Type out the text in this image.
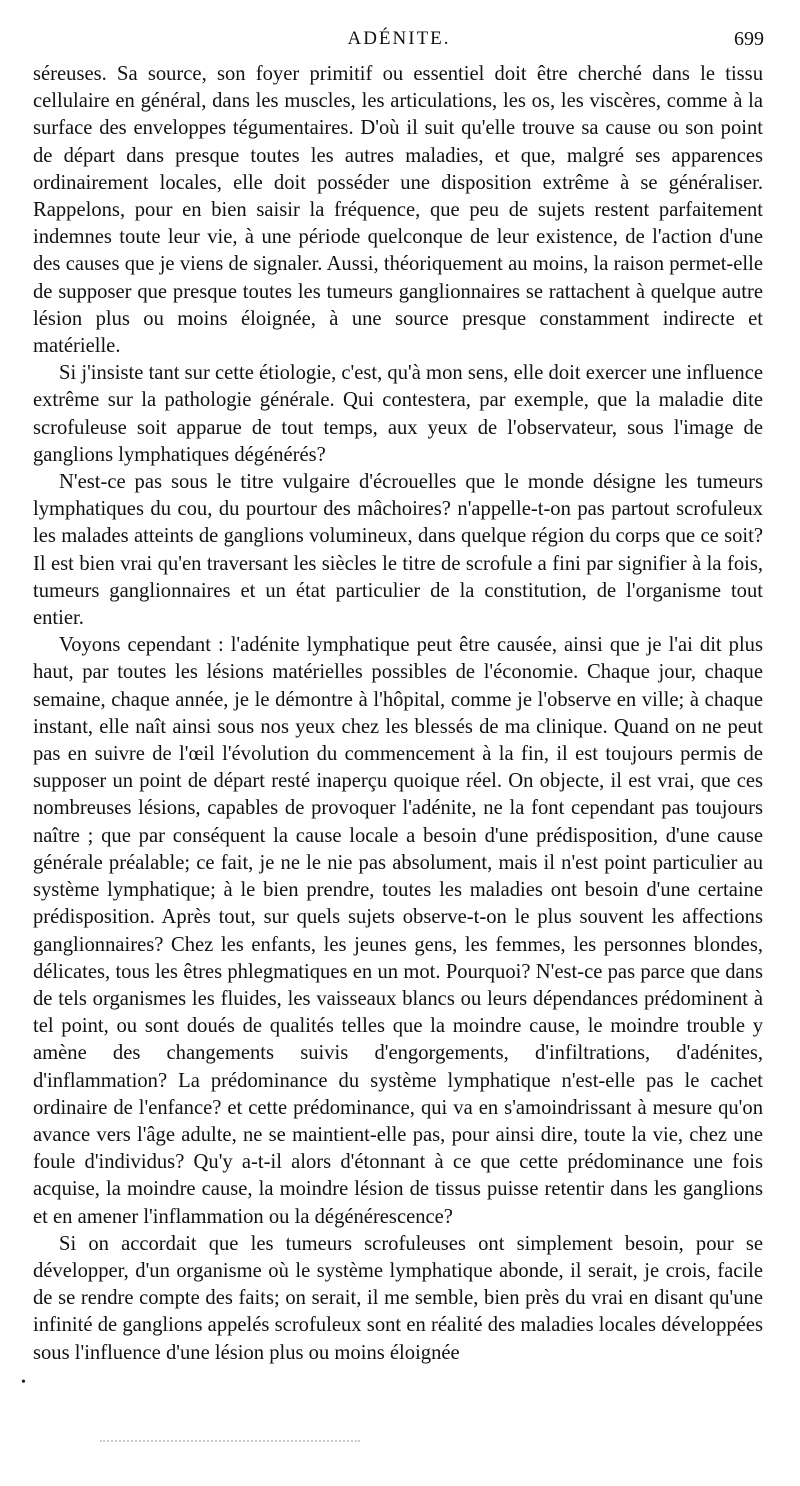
ADÉNITE.	699

séreuses. Sa source, son foyer primitif ou essentiel doit être cherché dans le tissu cellulaire en général, dans les muscles, les articulations, les os, les viscères, comme à la surface des enveloppes tégumentaires. D'où il suit qu'elle trouve sa cause ou son point de départ dans presque toutes les autres maladies, et que, malgré ses apparences ordinairement locales, elle doit posséder une disposition extrême à se généraliser. Rappelons, pour en bien saisir la fréquence, que peu de sujets restent parfaitement indemnes toute leur vie, à une période quelconque de leur existence, de l'action d'une des causes que je viens de signaler. Aussi, théoriquement au moins, la raison permet-elle de supposer que presque toutes les tumeurs ganglionnaires se rattachent à quelque autre lésion plus ou moins éloignée, à une source presque constamment indirecte et matérielle.

Si j'insiste tant sur cette étiologie, c'est, qu'à mon sens, elle doit exercer une influence extrême sur la pathologie générale. Qui contestera, par exemple, que la maladie dite scrofuleuse soit apparue de tout temps, aux yeux de l'observateur, sous l'image de ganglions lymphatiques dégénérés?

N'est-ce pas sous le titre vulgaire d'écrouelles que le monde désigne les tumeurs lymphatiques du cou, du pourtour des mâchoires? n'appelle-t-on pas partout scrofuleux les malades atteints de ganglions volumineux, dans quelque région du corps que ce soit? Il est bien vrai qu'en traversant les siècles le titre de scrofule a fini par signifier à la fois, tumeurs ganglionnaires et un état particulier de la constitution, de l'organisme tout entier.

Voyons cependant : l'adénite lymphatique peut être causée, ainsi que je l'ai dit plus haut, par toutes les lésions matérielles possibles de l'économie. Chaque jour, chaque semaine, chaque année, je le démontre à l'hôpital, comme je l'observe en ville; à chaque instant, elle naît ainsi sous nos yeux chez les blessés de ma clinique. Quand on ne peut pas en suivre de l'œil l'évolution du commencement à la fin, il est toujours permis de supposer un point de départ resté inaperçu quoique réel. On objecte, il est vrai, que ces nombreuses lésions, capables de provoquer l'adénite, ne la font cependant pas toujours naître ; que par conséquent la cause locale a besoin d'une prédisposition, d'une cause générale préalable; ce fait, je ne le nie pas absolument, mais il n'est point particulier au système lymphatique; à le bien prendre, toutes les maladies ont besoin d'une certaine prédisposition. Après tout, sur quels sujets observe-t-on le plus souvent les affections ganglionnaires? Chez les enfants, les jeunes gens, les femmes, les personnes blondes, délicates, tous les êtres phlegmatiques en un mot. Pourquoi? N'est-ce pas parce que dans de tels organismes les fluides, les vaisseaux blancs ou leurs dépendances prédominent à tel point, ou sont doués de qualités telles que la moindre cause, le moindre trouble y amène des changements suivis d'engorgements, d'infiltrations, d'adénites, d'inflammation? La prédominance du système lymphatique n'est-elle pas le cachet ordinaire de l'enfance? et cette prédominance, qui va en s'amoindrissant à mesure qu'on avance vers l'âge adulte, ne se maintient-elle pas, pour ainsi dire, toute la vie, chez une foule d'individus? Qu'y a-t-il alors d'étonnant à ce que cette prédominance une fois acquise, la moindre cause, la moindre lésion de tissus puisse retentir dans les ganglions et en amener l'inflammation ou la dégénérescence?

Si on accordait que les tumeurs scrofuleuses ont simplement besoin, pour se développer, d'un organisme où le système lymphatique abonde, il serait, je crois, facile de se rendre compte des faits; on serait, il me semble, bien près du vrai en disant qu'une infinité de ganglions appelés scrofuleux sont en réalité des maladies locales développées sous l'influence d'une lésion plus ou moins éloignée

•
